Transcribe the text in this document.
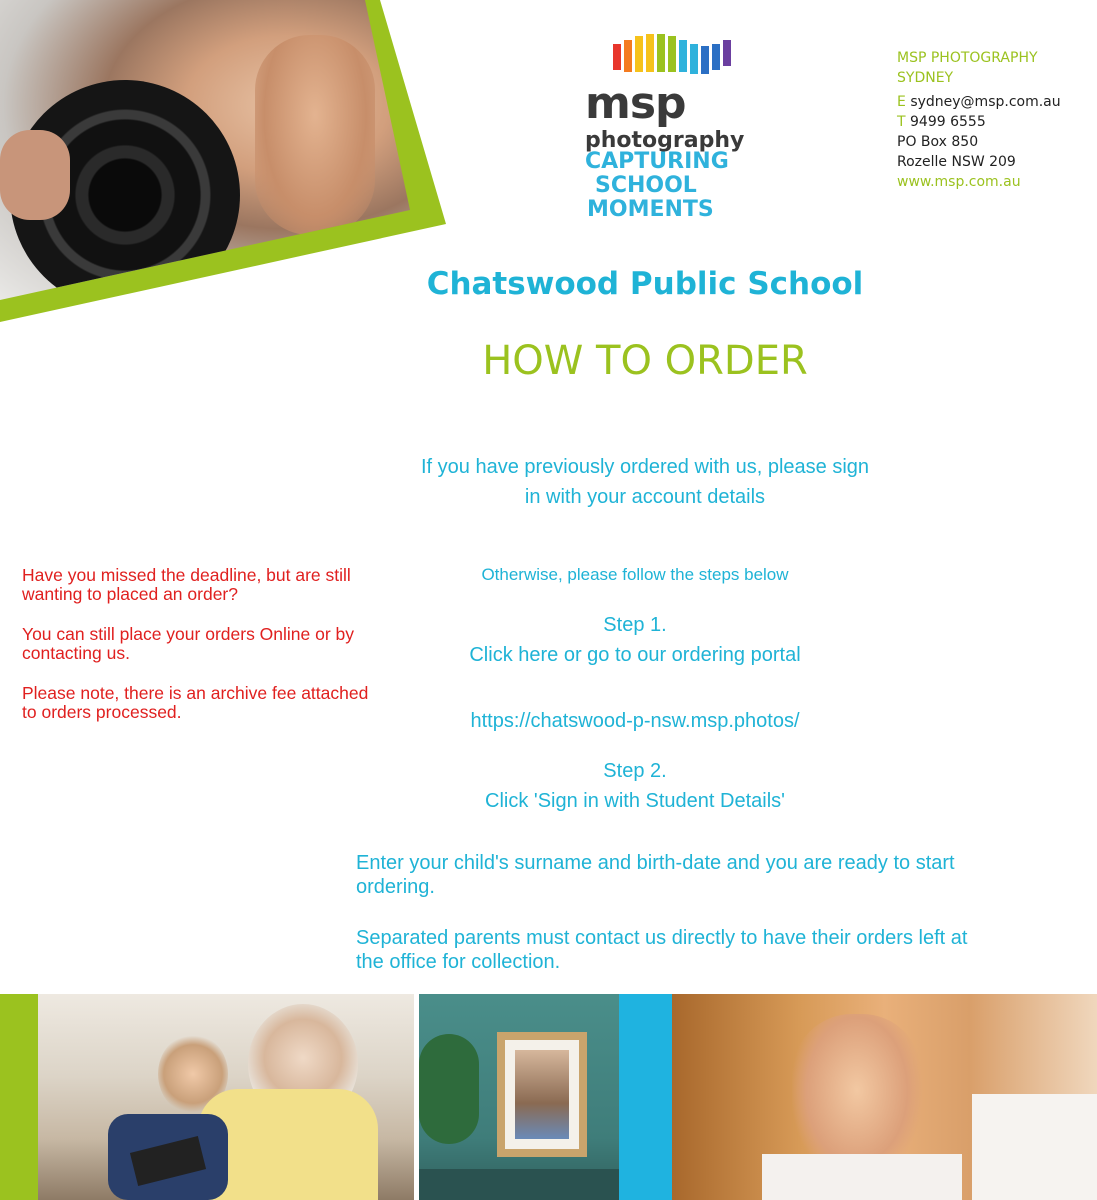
msp
photography
CAPTURING
SCHOOL
MOMENTS
MSP PHOTOGRAPHY
SYDNEY
E sydney@msp.com.au
T 9499 6555
PO Box 850
Rozelle NSW 209
www.msp.com.au
Chatswood Public School
HOW TO ORDER
If you have previously ordered with us, please sign
in with your account details
Otherwise, please follow the steps below
Step 1.
Click here or go to our ordering portal
https://chatswood-p-nsw.msp.photos/
Step 2.
Click 'Sign in with Student Details'
Enter your child's surname and birth-date and you are ready to start ordering.
Separated parents must contact us directly to have their orders left at the office for collection.

Have you missed the deadline, but are still wanting to placed an order?

You can still place your orders Online or by contacting us.

Please note, there is an archive fee attached to orders processed.
